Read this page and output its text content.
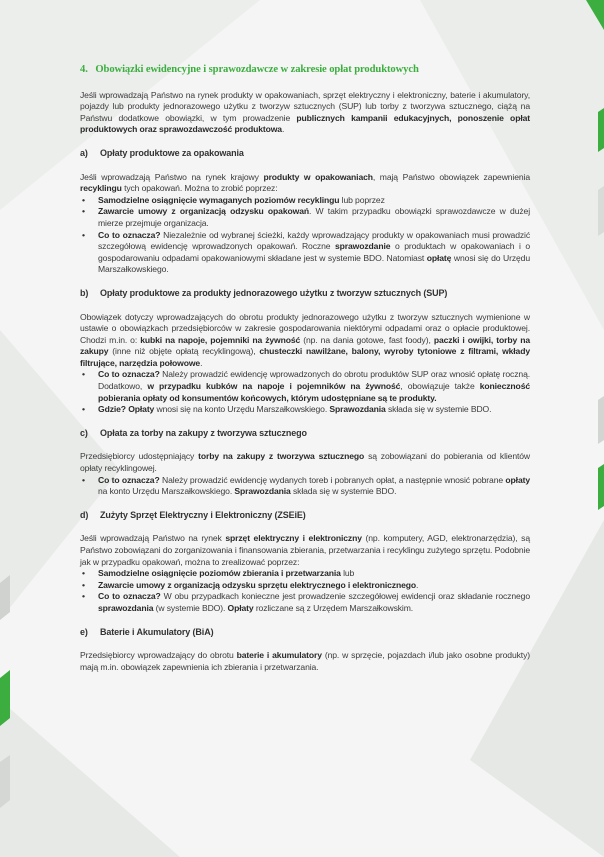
4.   Obowiązki ewidencyjne i sprawozdawcze w zakresie opłat produktowych

Jeśli wprowadzają Państwo na rynek produkty w opakowaniach, sprzęt elektryczny i elektroniczny, baterie i akumulatory, pojazdy lub produkty jednorazowego użytku z tworzyw sztucznych (SUP) lub torby z tworzywa sztucznego, ciążą na Państwu dodatkowe obowiązki, w tym prowadzenie publicznych kampanii edukacyjnych, ponoszenie opłat produktowych oraz sprawozdawczość produktowa.

a) Opłaty produktowe za opakowania

Jeśli wprowadzają Państwo na rynek krajowy produkty w opakowaniach, mają Państwo obowiązek zapewnienia recyklingu tych opakowań. Można to zrobić poprzez:

• Samodzielne osiągnięcie wymaganych poziomów recyklingu lub poprzez
• Zawarcie umowy z organizacją odzysku opakowań. W takim przypadku obowiązki sprawozdawcze w dużej mierze przejmuje organizacja.
• Co to oznacza? Niezależnie od wybranej ścieżki, każdy wprowadzający produkty w opakowaniach musi prowadzić szczegółową ewidencję wprowadzonych opakowań. Roczne sprawozdanie o produktach w opakowaniach i o gospodarowaniu odpadami opakowaniowymi składane jest w systemie BDO. Natomiast opłatę wnosi się do Urzędu Marszałkowskiego.

b) Opłaty produktowe za produkty jednorazowego użytku z tworzyw sztucznych (SUP)

Obowiązek dotyczy wprowadzających do obrotu produkty jednorazowego użytku z tworzyw sztucznych wymienione w ustawie o obowiązkach przedsiębiorców w zakresie gospodarowania niektórymi odpadami oraz o opłacie produktowej. Chodzi m.in. o: kubki na napoje, pojemniki na żywność (np. na dania gotowe, fast foody), paczki i owijki, torby na zakupy (inne niż objęte opłatą recyklingową), chusteczki nawilżane, balony, wyroby tytoniowe z filtrami, wkłady filtrujące, narzędzia połowowe.

• Co to oznacza? Należy prowadzić ewidencję wprowadzonych do obrotu produktów SUP oraz wnosić opłatę roczną. Dodatkowo, w przypadku kubków na napoje i pojemników na żywność, obowiązuje także konieczność pobierania opłaty od konsumentów końcowych, którym udostępniane są te produkty.
• Gdzie? Opłaty wnosi się na konto Urzędu Marszałkowskiego. Sprawozdania składa się w systemie BDO.

c) Opłata za torby na zakupy z tworzywa sztucznego

Przedsiębiorcy udostępniający torby na zakupy z tworzywa sztucznego są zobowiązani do pobierania od klientów opłaty recyklingowej.

• Co to oznacza? Należy prowadzić ewidencję wydanych toreb i pobranych opłat, a następnie wnosić pobrane opłaty na konto Urzędu Marszałkowskiego. Sprawozdania składa się w systemie BDO.

d) Zużyty Sprzęt Elektryczny i Elektroniczny (ZSEiE)

Jeśli wprowadzają Państwo na rynek sprzęt elektryczny i elektroniczny (np. komputery, AGD, elektronarzędzia), są Państwo zobowiązani do zorganizowania i finansowania zbierania, przetwarzania i recyklingu zużytego sprzętu. Podobnie jak w przypadku opakowań, można to zrealizować poprzez:

• Samodzielne osiągnięcie poziomów zbierania i przetwarzania lub
• Zawarcie umowy z organizacją odzysku sprzętu elektrycznego i elektronicznego.
• Co to oznacza? W obu przypadkach konieczne jest prowadzenie szczegółowej ewidencji oraz składanie rocznego sprawozdania (w systemie BDO). Opłaty rozliczane są z Urzędem Marszałkowskim.

e) Baterie i Akumulatory (BiA)

Przedsiębiorcy wprowadzający do obrotu baterie i akumulatory (np. w sprzęcie, pojazdach i/lub jako osobne produkty) mają m.in. obowiązek zapewnienia ich zbierania i przetwarzania.
